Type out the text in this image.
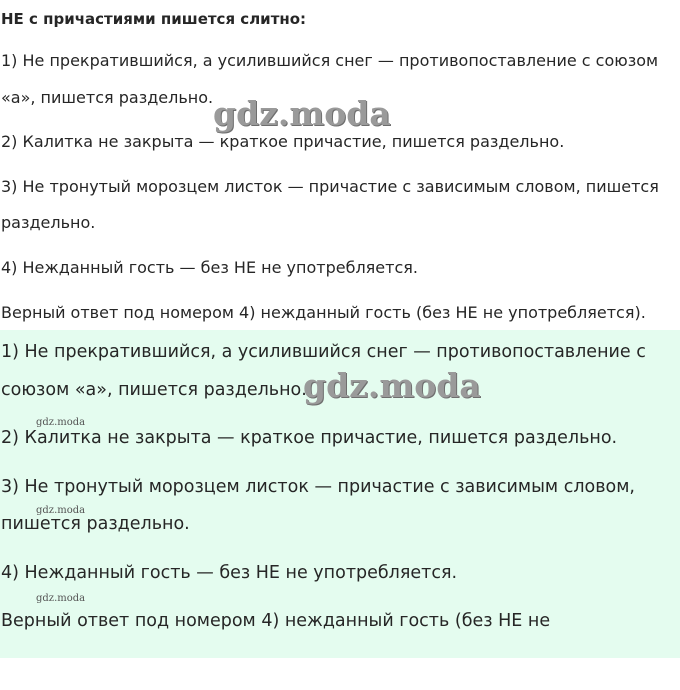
НЕ с причастиями пишется слитно:
1) Не прекратившийся, а усилившийся снег — противопоставление с союзом
«а», пишется раздельно.
2) Калитка не закрыта — краткое причастие, пишется раздельно.
3) Не тронутый морозцем листок — причастие с зависимым словом, пишется
раздельно.
4) Нежданный гость — без НЕ не употребляется.
Верный ответ под номером 4) нежданный гость (без НЕ не употребляется).
gdz.moda
1) Не прекратившийся, а усилившийся снег — противопоставление с
союзом «а», пишется раздельно.
2) Калитка не закрыта — краткое причастие, пишется раздельно.
3) Не тронутый морозцем листок — причастие с зависимым словом,
пишется раздельно.
4) Нежданный гость — без НЕ не употребляется.
Верный ответ под номером 4) нежданный гость (без НЕ не
gdz.moda
gdz.moda
gdz.moda
gdz.moda
